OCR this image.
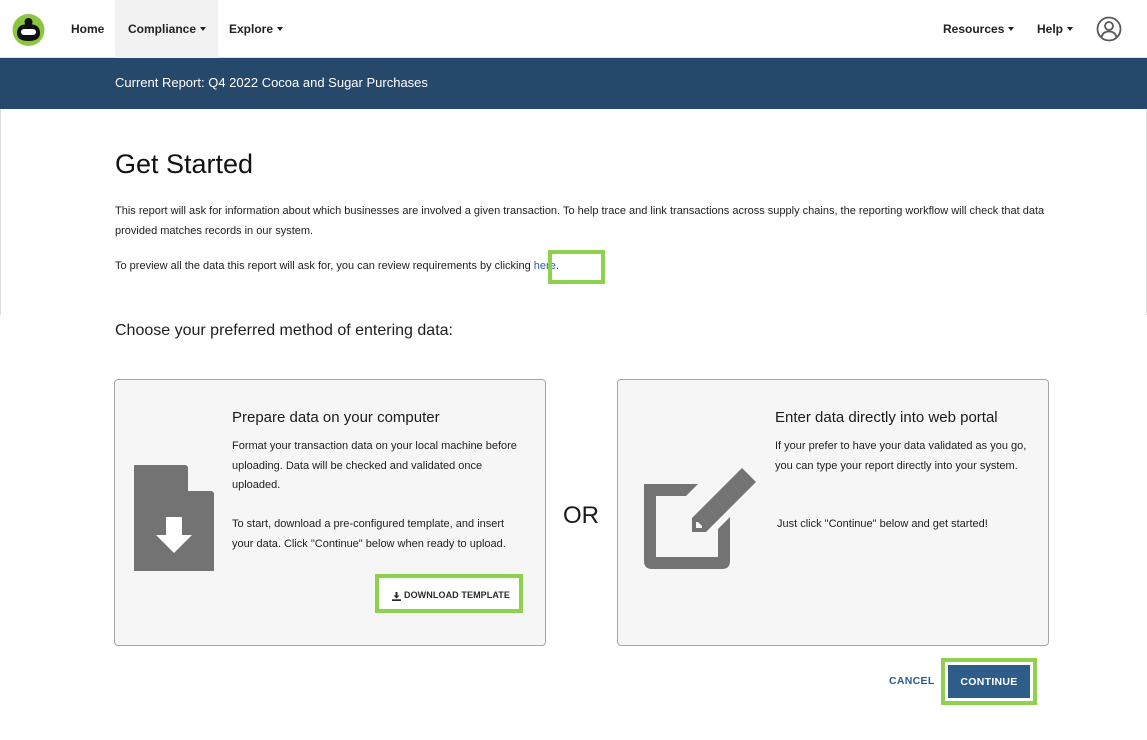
Home	Compliance	Explore	Resources	Help
Current Report: Q4 2022 Cocoa and Sugar Purchases
Get Started

This report will ask for information about which businesses are involved a given transaction. To help trace and link transactions across supply chains, the reporting workflow will check that data provided matches records in our system.

To preview all the data this report will ask for, you can review requirements by clicking here.

Choose your preferred method of entering data:
Prepare data on your computer
Format your transaction data on your local machine before uploading. Data will be checked and validated once uploaded.
To start, download a pre-configured template, and insert your data. Click "Continue" below when ready to upload.
DOWNLOAD TEMPLATE
OR
Enter data directly into web portal
If your prefer to have your data validated as you go, you can type your report directly into your system.
Just click "Continue" below and get started!
CANCEL	CONTINUE
